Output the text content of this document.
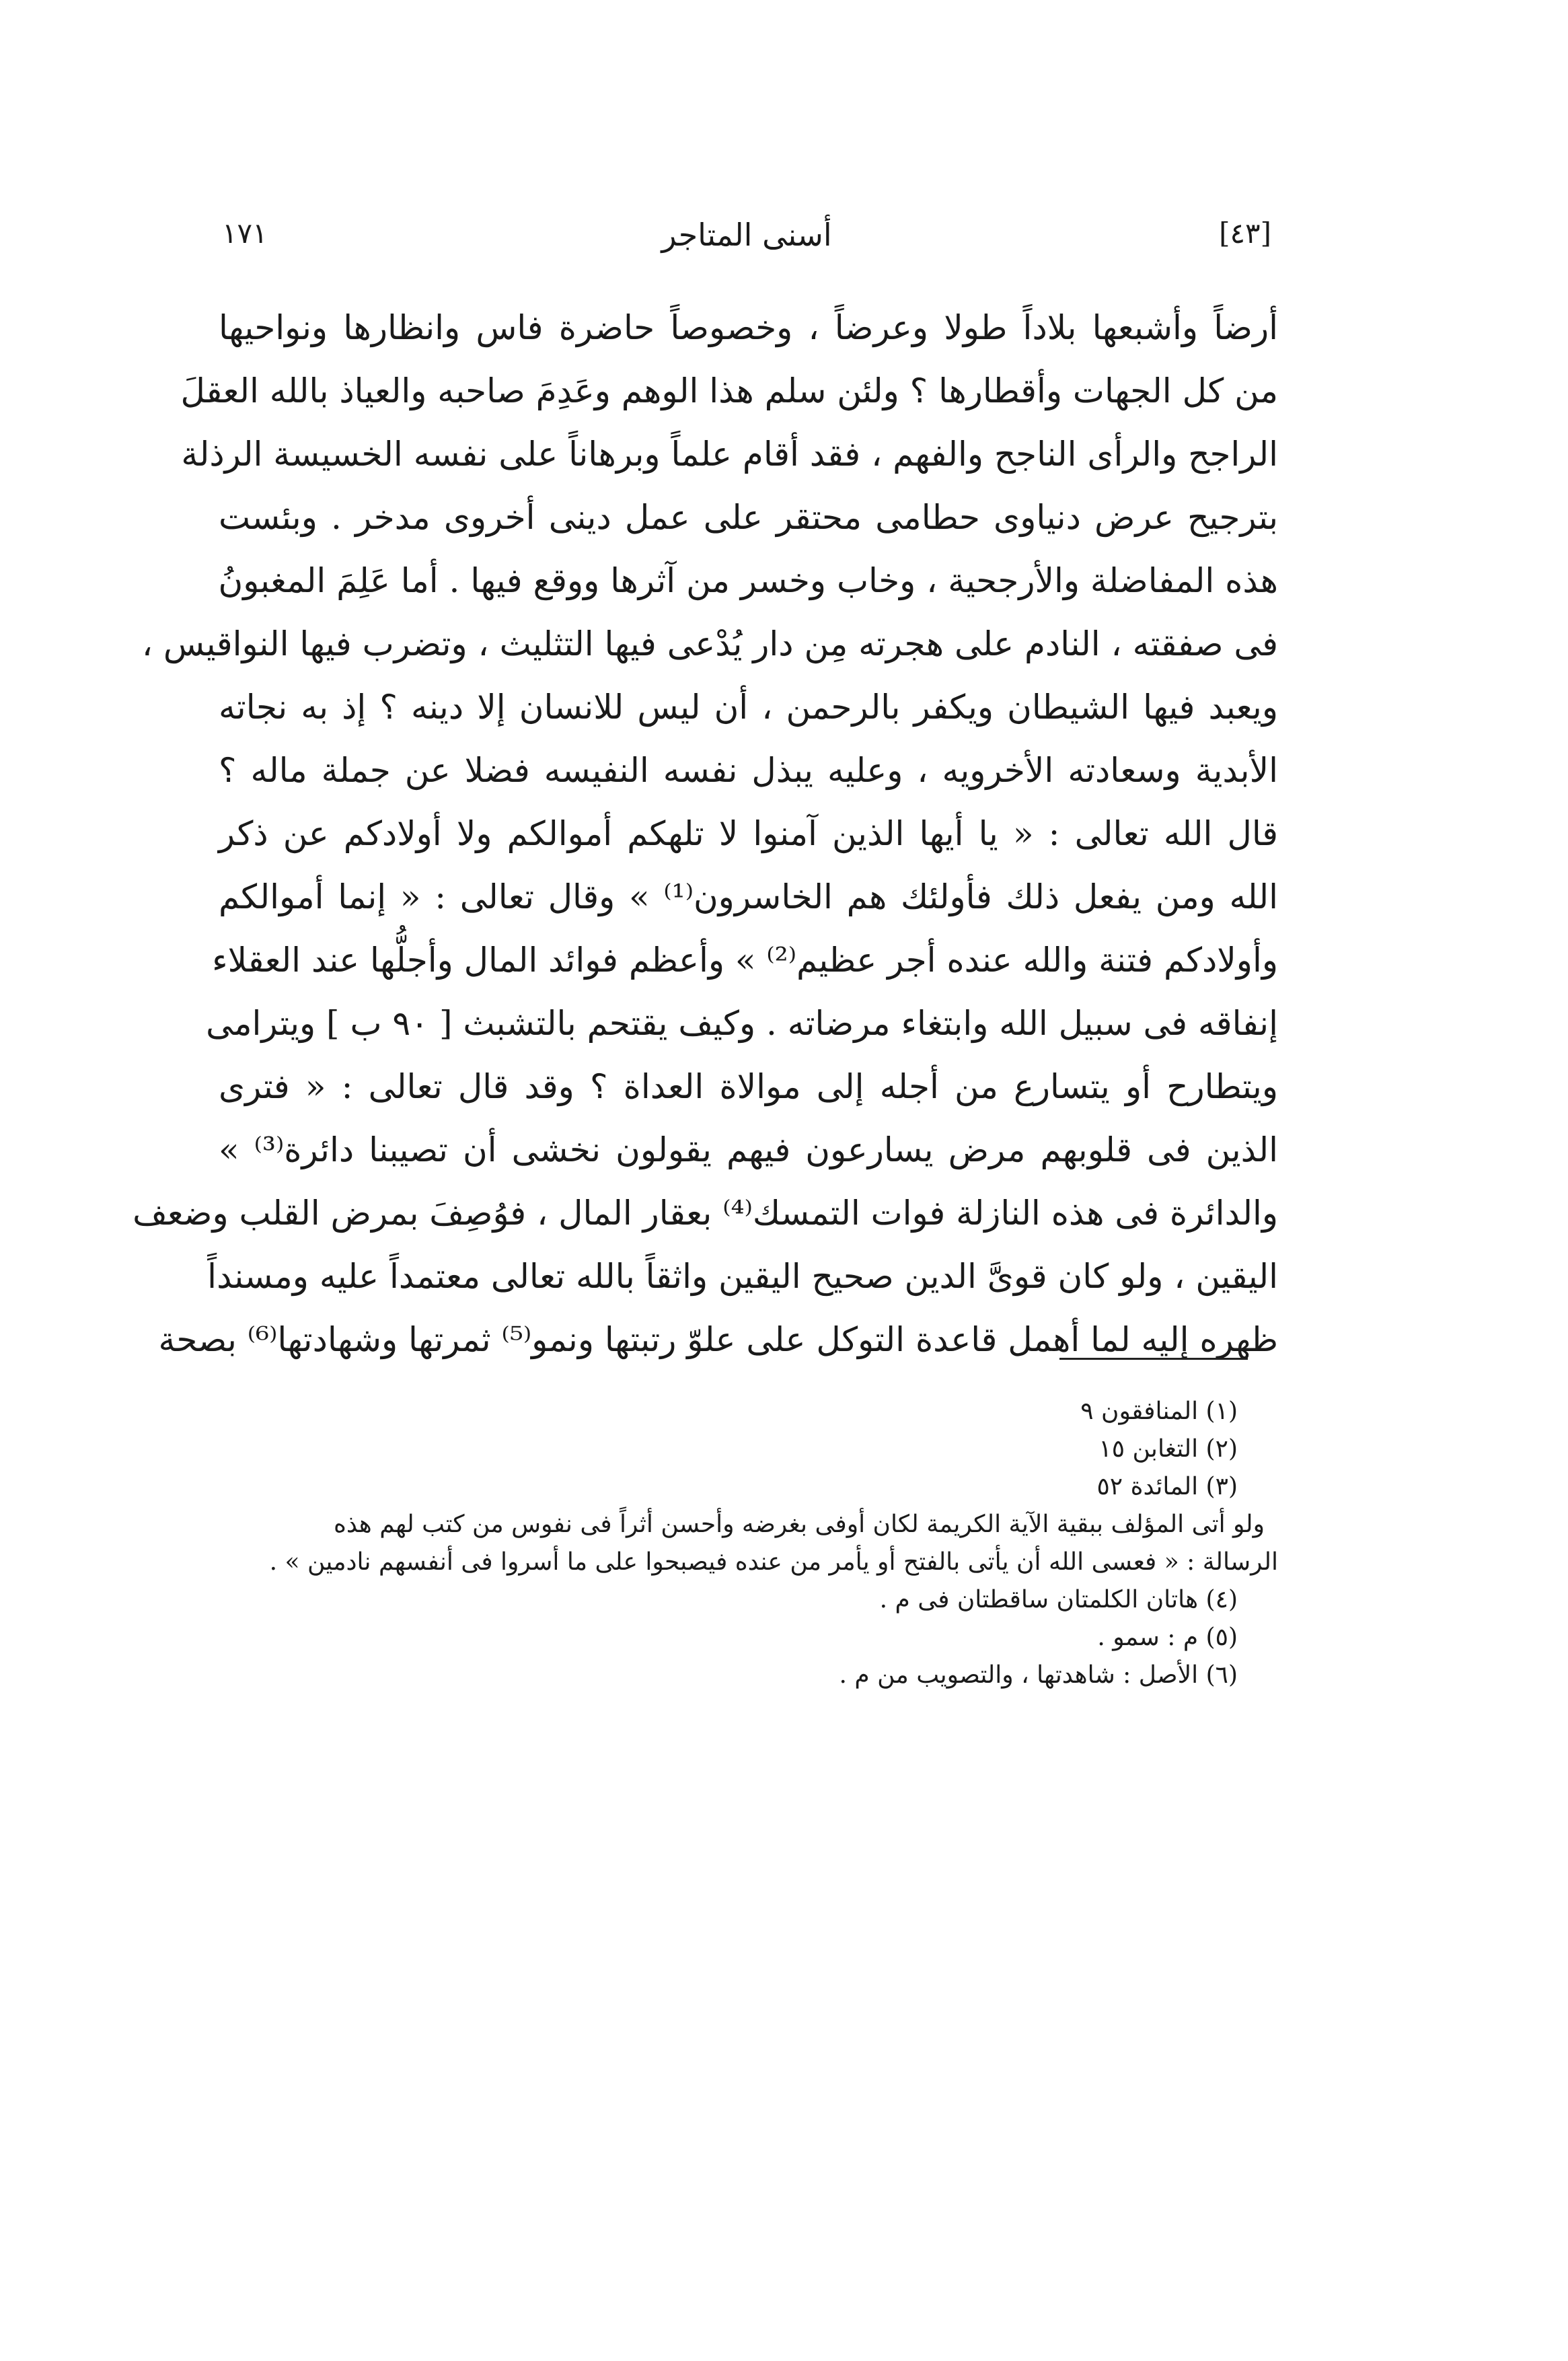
[٤٣]
أسنى المتاجر
١٧١
أرضاً وأشبعها بلاداً طولا وعرضاً ، وخصوصاً حاضرة فاس وانظارها ونواحيها
من كل الجهات وأقطارها ؟ ولئن سلم هذا الوهم وعَدِمَ صاحبه والعياذ بالله العقلَ
الراجح والرأى الناجح والفهم ، فقد أقام علماً وبرهاناً على نفسه الخسيسة الرذلة
بترجيح عرض دنياوى حطامى محتقر على عمل دينى أخروى مدخر . وبئست
هذه المفاضلة والأرجحية ، وخاب وخسر من آثرها ووقع فيها . أما عَلِمَ المغبونُ
فى صفقته ، النادم على هجرته مِن دار يُدْعى فيها التثليث ، وتضرب فيها النواقيس ،
ويعبد فيها الشيطان ويكفر بالرحمن ، أن ليس للانسان إلا دينه ؟ إذ به نجاته
الأبدية وسعادته الأخرويه ، وعليه يبذل نفسه النفيسه فضلا عن جملة ماله ؟
قال الله تعالى : « يا أيها الذين آمنوا لا تلهكم أموالكم ولا أولادكم عن ذكر
الله ومن يفعل ذلك فأولئك هم الخاسرون⁽¹⁾ » وقال تعالى : « إنما أموالكم
وأولادكم فتنة والله عنده أجر عظيم⁽²⁾ » وأعظم فوائد المال وأجلُّها عند العقلاء
إنفاقه فى سبيل الله وابتغاء مرضاته . وكيف يقتحم بالتشبث [ ٩٠ ب ] ويترامى
ويتطارح أو يتسارع من أجله إلى موالاة العداة ؟ وقد قال تعالى : « فترى
الذين فى قلوبهم مرض يسارعون فيهم يقولون نخشى أن تصيبنا دائرة⁽³⁾ »
والدائرة فى هذه النازلة فوات التمسك⁽⁴⁾ بعقار المال ، فوُصِفَ بمرض القلب وضعف
اليقين ، ولو كان قوىَّ الدين صحيح اليقين واثقاً بالله تعالى معتمداً عليه ومسنداً
ظهره إليه لما أهمل قاعدة التوكل على علوّ رتبتها ونمو⁽⁵⁾ ثمرتها وشهادتها⁽⁶⁾ بصحة
(١) المنافقون ٩
(٢) التغابن ١٥
(٣) المائدة ٥٢
ولو أتى المؤلف ببقية الآية الكريمة لكان أوفى بغرضه وأحسن أثراً فى نفوس من كتب لهم هذه
الرسالة : « فعسى الله أن يأتى بالفتح أو يأمر من عنده فيصبحوا على ما أسروا فى أنفسهم نادمين » .
(٤) هاتان الكلمتان ساقطتان فى م .
(٥) م : سمو .
(٦) الأصل : شاهدتها ، والتصويب من م .
